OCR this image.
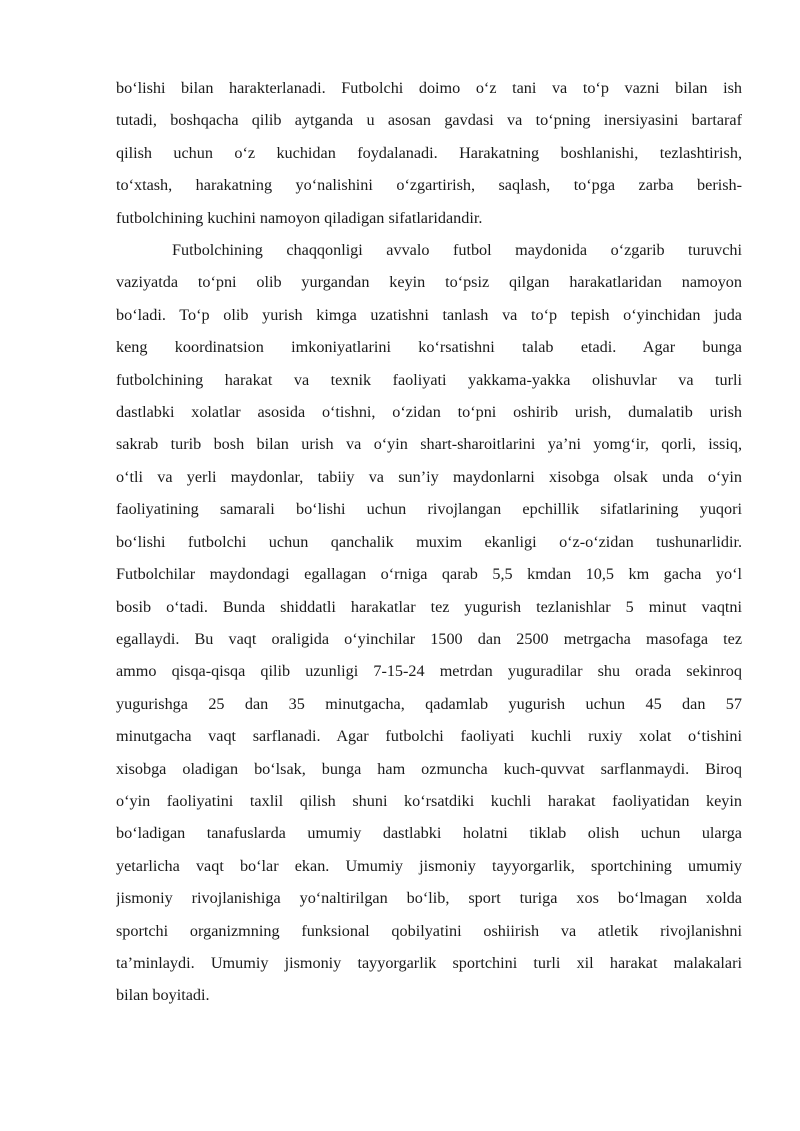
bo‘lishi bilan harakterlanadi. Futbolchi doimo o‘z tani va to‘p vazni bilan ish
tutadi, boshqacha qilib aytganda u asosan gavdasi va to‘pning inersiyasini bartaraf
qilish uchun o‘z kuchidan foydalanadi. Harakatning boshlanishi, tezlashtirish,
to‘xtash, harakatning yo‘nalishini o‘zgartirish, saqlash, to‘pga zarba berish-
futbolchining kuchini namoyon qiladigan sifatlaridandir.
Futbolchining chaqqonligi avvalo futbol maydonida o‘zgarib turuvchi
vaziyatda to‘pni olib yurgandan keyin to‘psiz qilgan harakatlaridan namoyon
bo‘ladi. To‘p olib yurish kimga uzatishni tanlash va to‘p tepish o‘yinchidan juda
keng koordinatsion imkoniyatlarini ko‘rsatishni talab etadi. Agar bunga
futbolchining harakat va texnik faoliyati yakkama-yakka olishuvlar va turli
dastlabki xolatlar asosida o‘tishni, o‘zidan to‘pni oshirib urish, dumalatib urish
sakrab turib bosh bilan urish va o‘yin shart-sharoitlarini ya’ni yomg‘ir, qorli, issiq,
o‘tli va yerli maydonlar, tabiiy va sun’iy maydonlarni xisobga olsak unda o‘yin
faoliyatining samarali bo‘lishi uchun rivojlangan epchillik sifatlarining yuqori
bo‘lishi futbolchi uchun qanchalik muxim ekanligi o‘z-o‘zidan tushunarlidir.
Futbolchilar maydondagi egallagan o‘rniga qarab 5,5 kmdan 10,5 km gacha yo‘l
bosib o‘tadi. Bunda shiddatli harakatlar tez yugurish tezlanishlar 5 minut vaqtni
egallaydi. Bu vaqt oraligida o‘yinchilar 1500 dan 2500 metrgacha masofaga tez
ammo qisqa-qisqa qilib uzunligi 7-15-24 metrdan yuguradilar shu orada sekinroq
yugurishga 25 dan 35 minutgacha, qadamlab yugurish uchun 45 dan 57
minutgacha vaqt sarflanadi. Agar futbolchi faoliyati kuchli ruxiy xolat o‘tishini
xisobga oladigan bo‘lsak, bunga ham ozmuncha kuch-quvvat sarflanmaydi. Biroq
o‘yin faoliyatini taxlil qilish shuni ko‘rsatdiki kuchli harakat faoliyatidan keyin
bo‘ladigan tanafuslarda umumiy dastlabki holatni tiklab olish uchun ularga
yetarlicha vaqt bo‘lar ekan. Umumiy jismoniy tayyorgarlik, sportchining umumiy
jismoniy rivojlanishiga yo‘naltirilgan bo‘lib, sport turiga xos bo‘lmagan xolda
sportchi organizmning funksional qobilyatini oshiirish va atletik rivojlanishni
ta’minlaydi. Umumiy jismoniy tayyorgarlik sportchini turli xil harakat malakalari
bilan boyitadi.
